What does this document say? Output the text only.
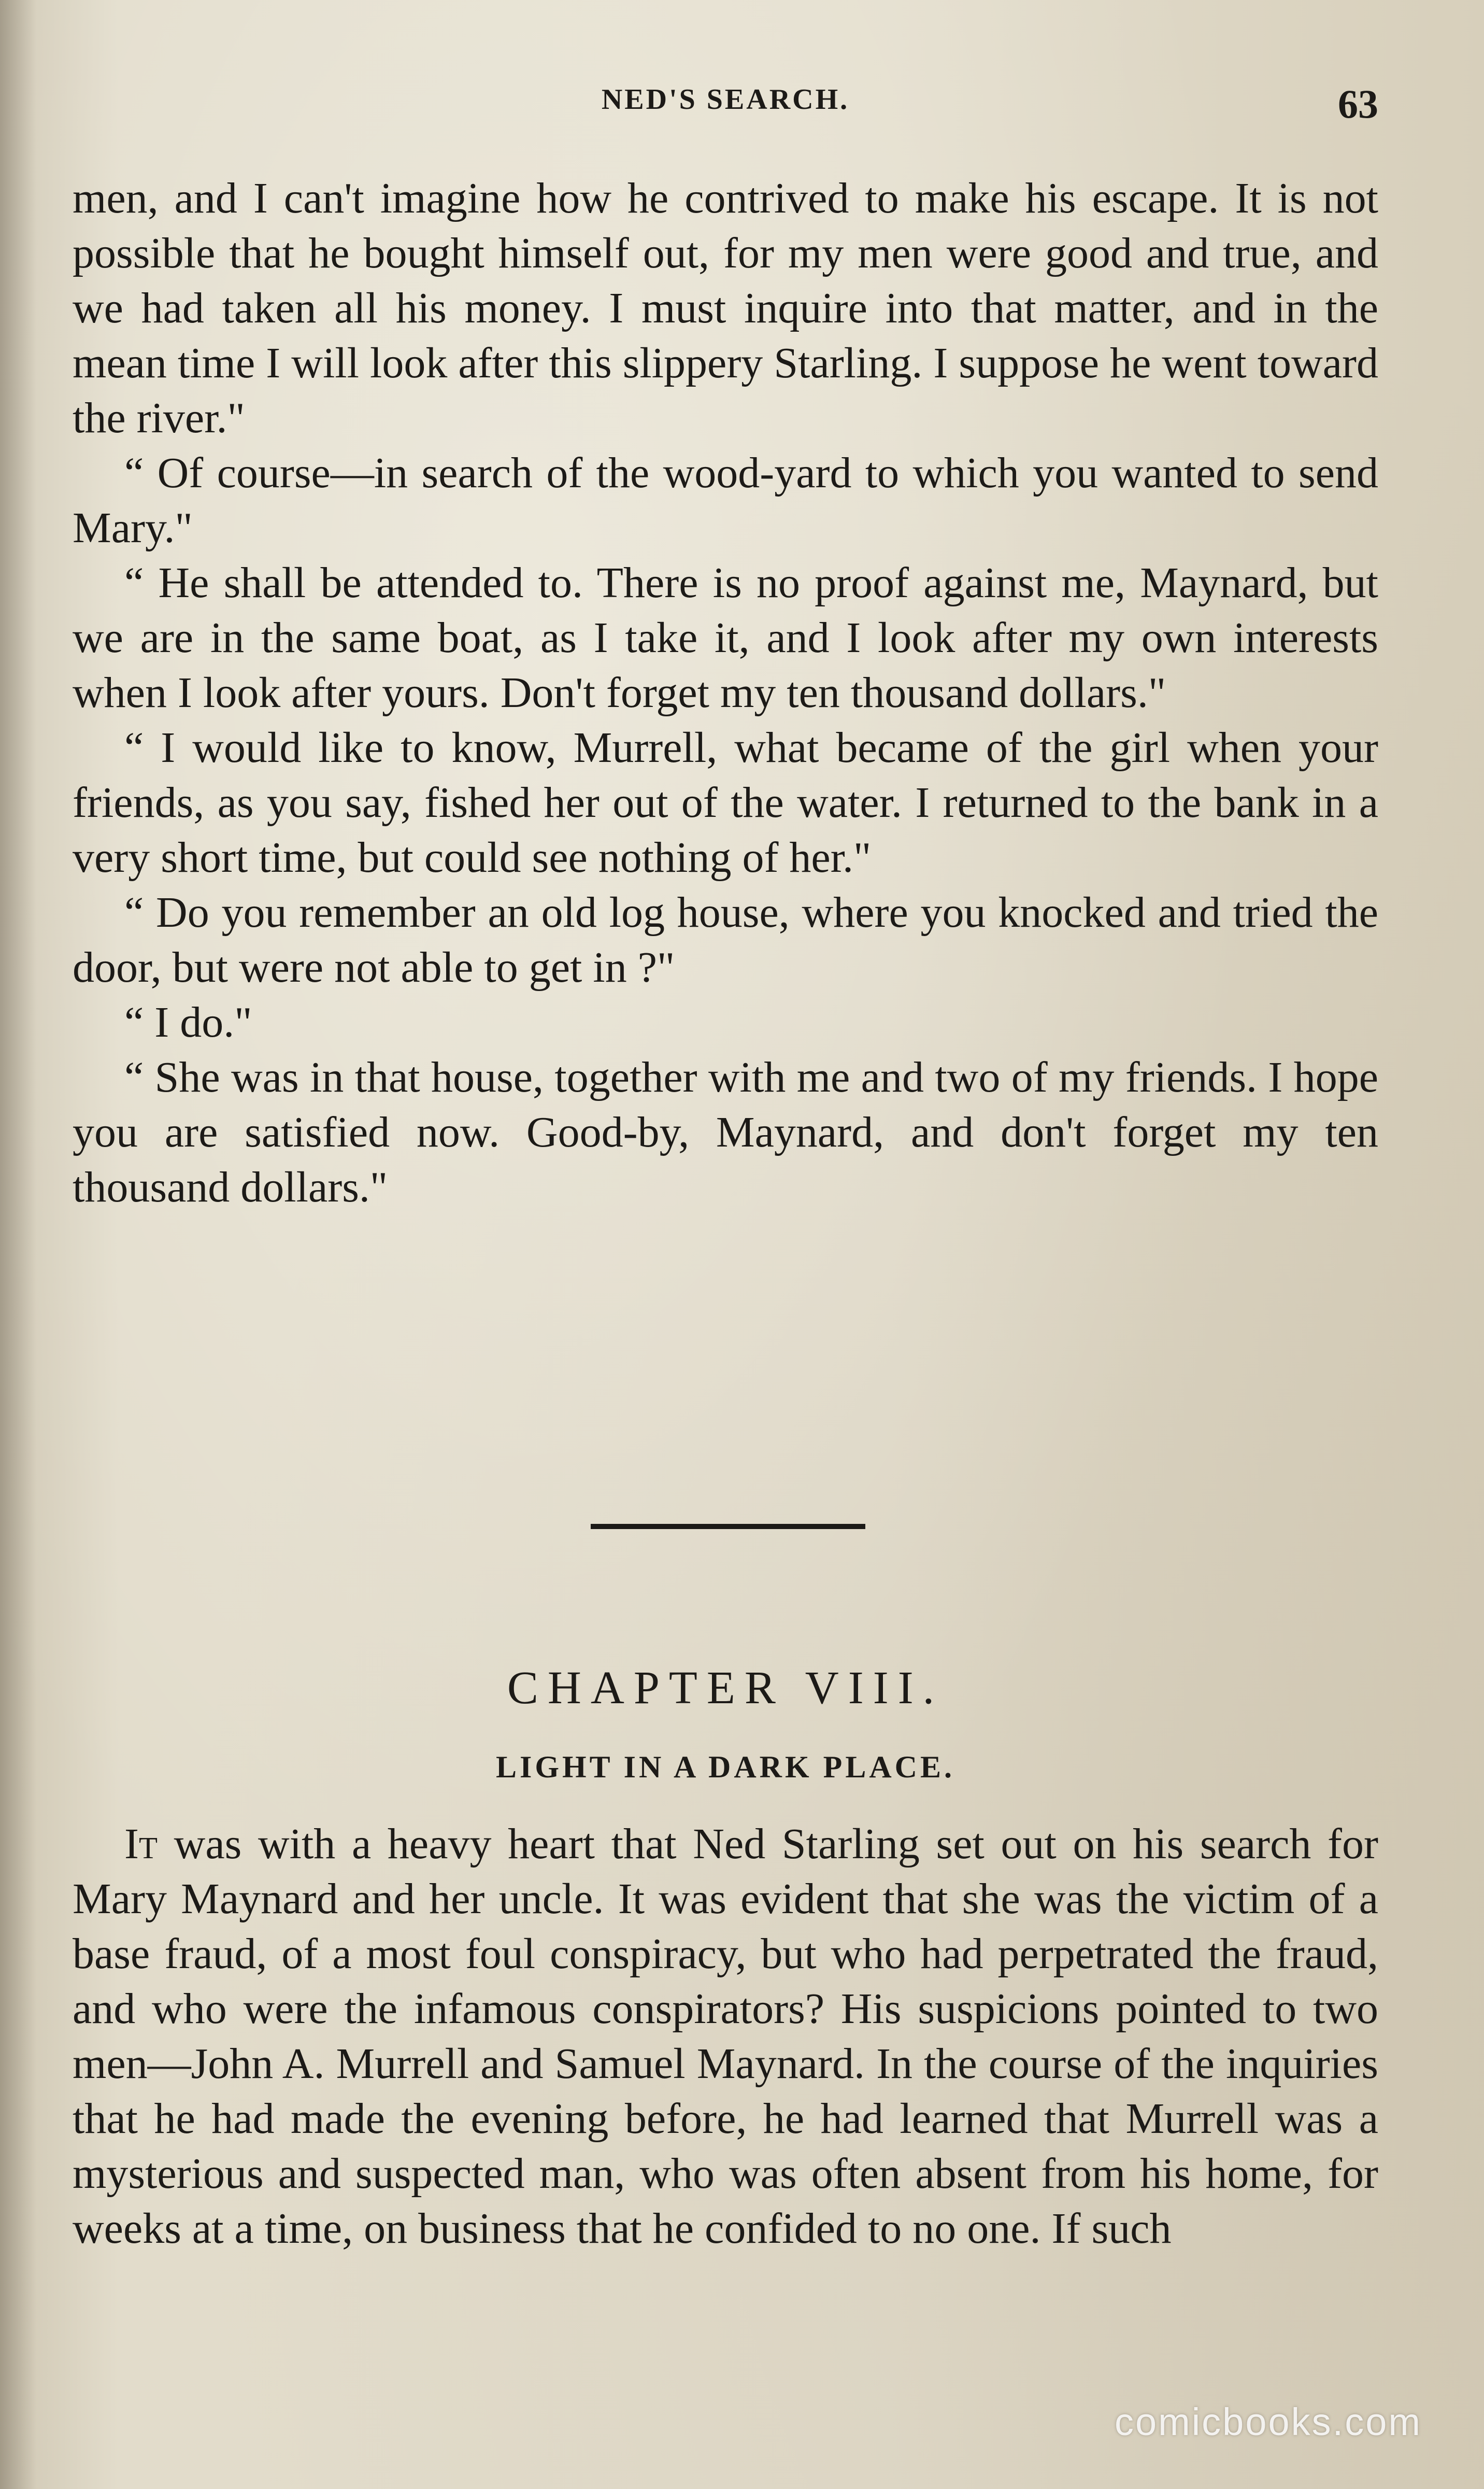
NED'S SEARCH.	63

men, and I can't imagine how he contrived to make his escape. It is not possible that he bought himself out, for my men were good and true, and we had taken all his money. I must inquire into that matter, and in the mean time I will look after this slippery Starling. I suppose he went toward the river."

“ Of course—in search of the wood-yard to which you wanted to send Mary."

“ He shall be attended to. There is no proof against me, Maynard, but we are in the same boat, as I take it, and I look after my own interests when I look after yours. Don't forget my ten thousand dollars."

“ I would like to know, Murrell, what became of the girl when your friends, as you say, fished her out of the water. I returned to the bank in a very short time, but could see nothing of her."

“ Do you remember an old log house, where you knocked and tried the door, but were not able to get in ?"

“ I do."

“ She was in that house, together with me and two of my friends. I hope you are satisfied now. Good-by, Maynard, and don't forget my ten thousand dollars."

CHAPTER VIII.
LIGHT IN A DARK PLACE.

It was with a heavy heart that Ned Starling set out on his search for Mary Maynard and her uncle. It was evident that she was the victim of a base fraud, of a most foul conspiracy, but who had perpetrated the fraud, and who were the infamous conspirators? His suspicions pointed to two men—John A. Murrell and Samuel Maynard. In the course of the inquiries that he had made the evening before, he had learned that Murrell was a mysterious and suspected man, who was often absent from his home, for weeks at a time, on business that he confided to no one. If such

comicbooks.com
